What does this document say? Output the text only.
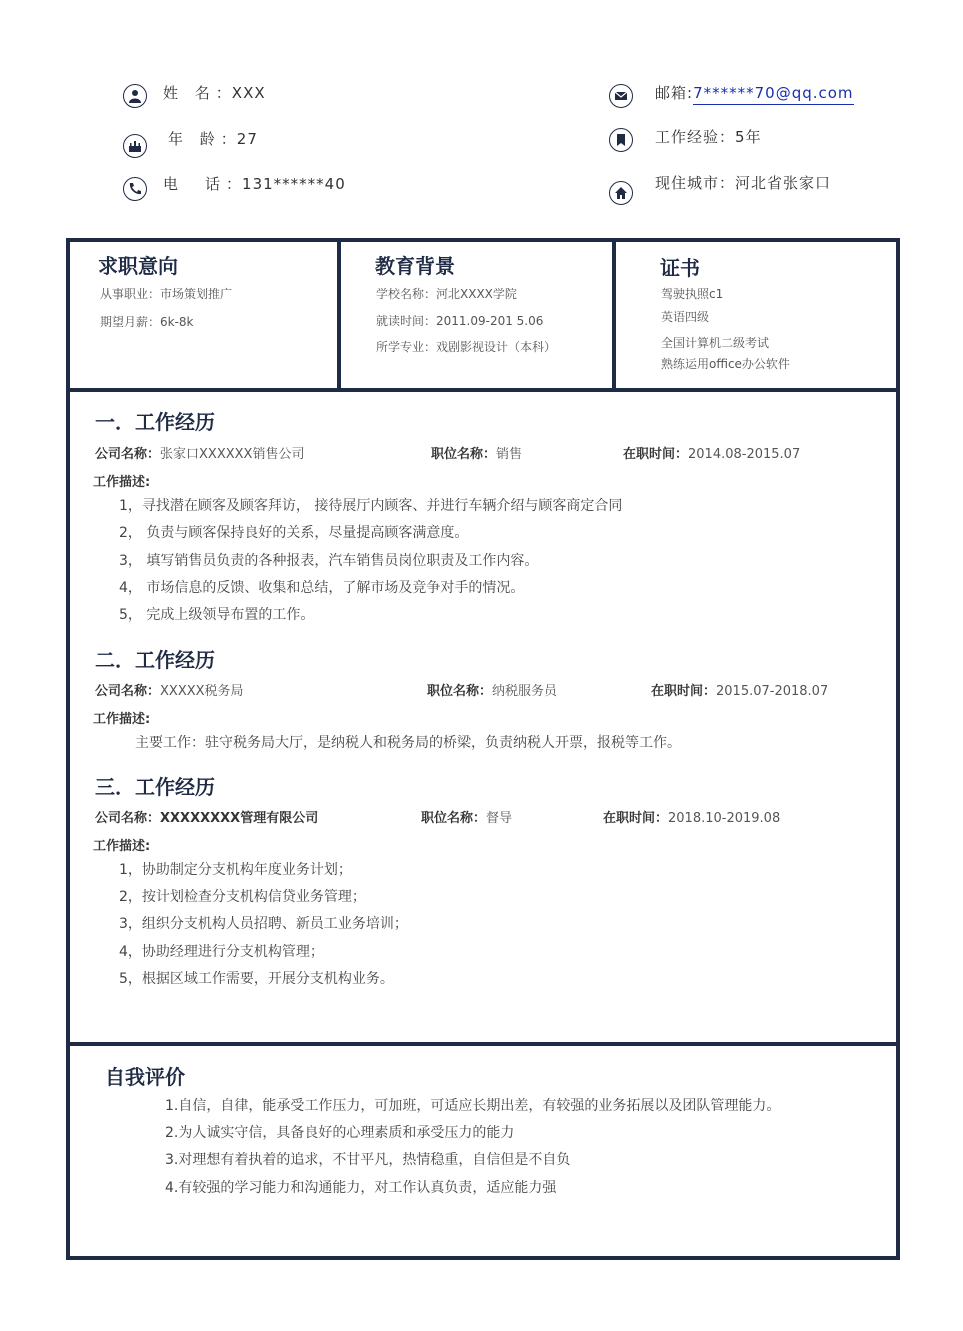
姓 名：XXX
年 龄：27
电　话：131******40
邮箱:7******70@qq.com
工作经验：5年
现住城市：河北省张家口
求职意向
从事职业：市场策划推广
期望月薪：6k-8k
教育背景
学校名称：河北XXXX学院
就读时间：2011.09-201 5.06
所学专业：戏剧影视设计（本科）
证书
驾驶执照c1
英语四级
全国计算机二级考试
熟练运用office办公软件
一．工作经历
公司名称：张家口XXXXXX销售公司	职位名称：销售	在职时间：2014.08-2015.07
工作描述:
1，寻找潜在顾客及顾客拜访， 接待展厅内顾客、并进行车辆介绍与顾客商定合同
2， 负责与顾客保持良好的关系，尽量提高顾客满意度。
3， 填写销售员负责的各种报表，汽车销售员岗位职责及工作内容。
4， 市场信息的反馈、收集和总结，了解市场及竞争对手的情况。
5， 完成上级领导布置的工作。
二．工作经历
公司名称：XXXXX税务局	职位名称：纳税服务员	在职时间：2015.07-2018.07
工作描述:
主要工作：驻守税务局大厅，是纳税人和税务局的桥梁，负责纳税人开票，报税等工作。
三．工作经历
公司名称：XXXXXXXX管理有限公司	职位名称：督导	在职时间：2018.10-2019.08
工作描述:
1，协助制定分支机构年度业务计划；
2，按计划检查分支机构信贷业务管理；
3，组织分支机构人员招聘、新员工业务培训；
4，协助经理进行分支机构管理；
5，根据区域工作需要，开展分支机构业务。
自我评价
1.自信，自律，能承受工作压力，可加班，可适应长期出差，有较强的业务拓展以及团队管理能力。
2.为人诚实守信，具备良好的心理素质和承受压力的能力
3.对理想有着执着的追求，不甘平凡，热情稳重，自信但是不自负
4.有较强的学习能力和沟通能力，对工作认真负责，适应能力强
